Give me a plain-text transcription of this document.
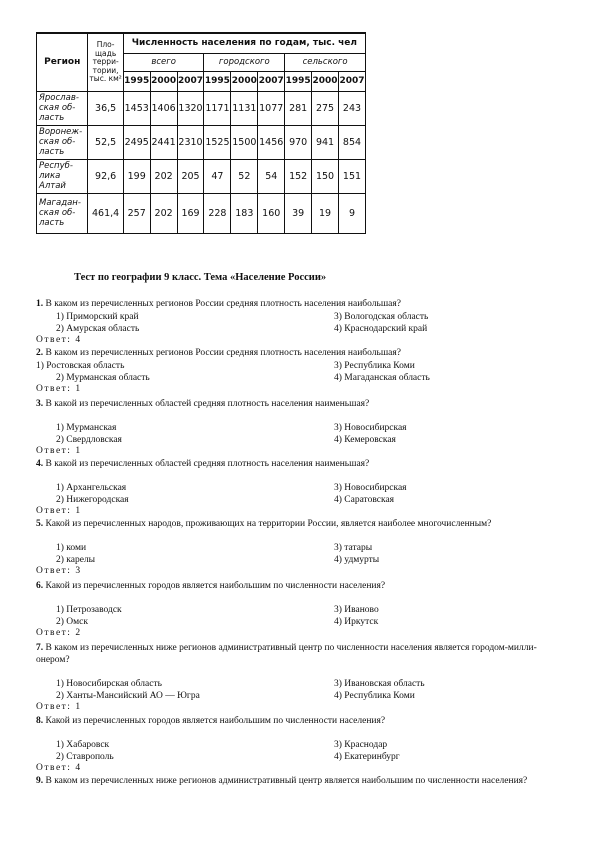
Регион	Пло-
щадь
терри-
тории,
тыс. км²	Численность населения по годам, тыс. чел								
		всего			городского			сельского		
		1995	2000	2007	1995	2000	2007	1995	2000	2007
Ярослав-
ская об-
ласть	36,5	1453	1406	1320	1171	1131	1077	281	275	243
Воронеж-
ская об-
ласть	52,5	2495	2441	2310	1525	1500	1456	970	941	854
Респуб-
лика
Алтай	92,6	199	202	205	47	52	54	152	150	151
Магадан-
ская об-
ласть	461,4	257	202	169	228	183	160	39	19	9
Тест по географии 9 класс. Тема «Население России»
1. В каком из перечисленных регионов России средняя плотность населения наибольшая?
1) Приморский край	3) Вологодская область
2) Амурская область	4) Краснодарский край
Ответ: 4
2. В каком из перечисленных регионов России средняя плотность населения наибольшая?
1) Ростовская область	3) Республика Коми
2) Мурманская область	4) Магаданская область
Ответ: 1
3. В какой из перечисленных областей средняя плотность населения наименьшая?
1) Мурманская	3) Новосибирская
2) Свердловская	4) Кемеровская
Ответ: 1
4. В какой из перечисленных областей средняя плотность населения наименьшая?
1) Архангельская	3) Новосибирская
2) Нижегородская	4) Саратовская
Ответ: 1
5. Какой из перечисленных народов, проживающих на территории России, является наиболее многочисленным?
1) коми	3) татары
2) карелы	4) удмурты
Ответ: 3
6. Какой из перечисленных городов является наибольшим по численности населения?
1) Петрозаводск	3) Иваново
2) Омск	4) Иркутск
Ответ: 2
7. В каком из перечисленных ниже регионов административный центр по численности населения является городом-милли-
онером?
1) Новосибирская область	3) Ивановская область
2) Ханты-Мансийский АО — Югра	4) Республика Коми
Ответ: 1
8. Какой из перечисленных городов является наибольшим по численности населения?
1) Хабаровск	3) Краснодар
2) Ставрополь	4) Екатеринбург
Ответ: 4
9. В каком из перечисленных ниже регионов административный центр является наибольшим по численности населения?
